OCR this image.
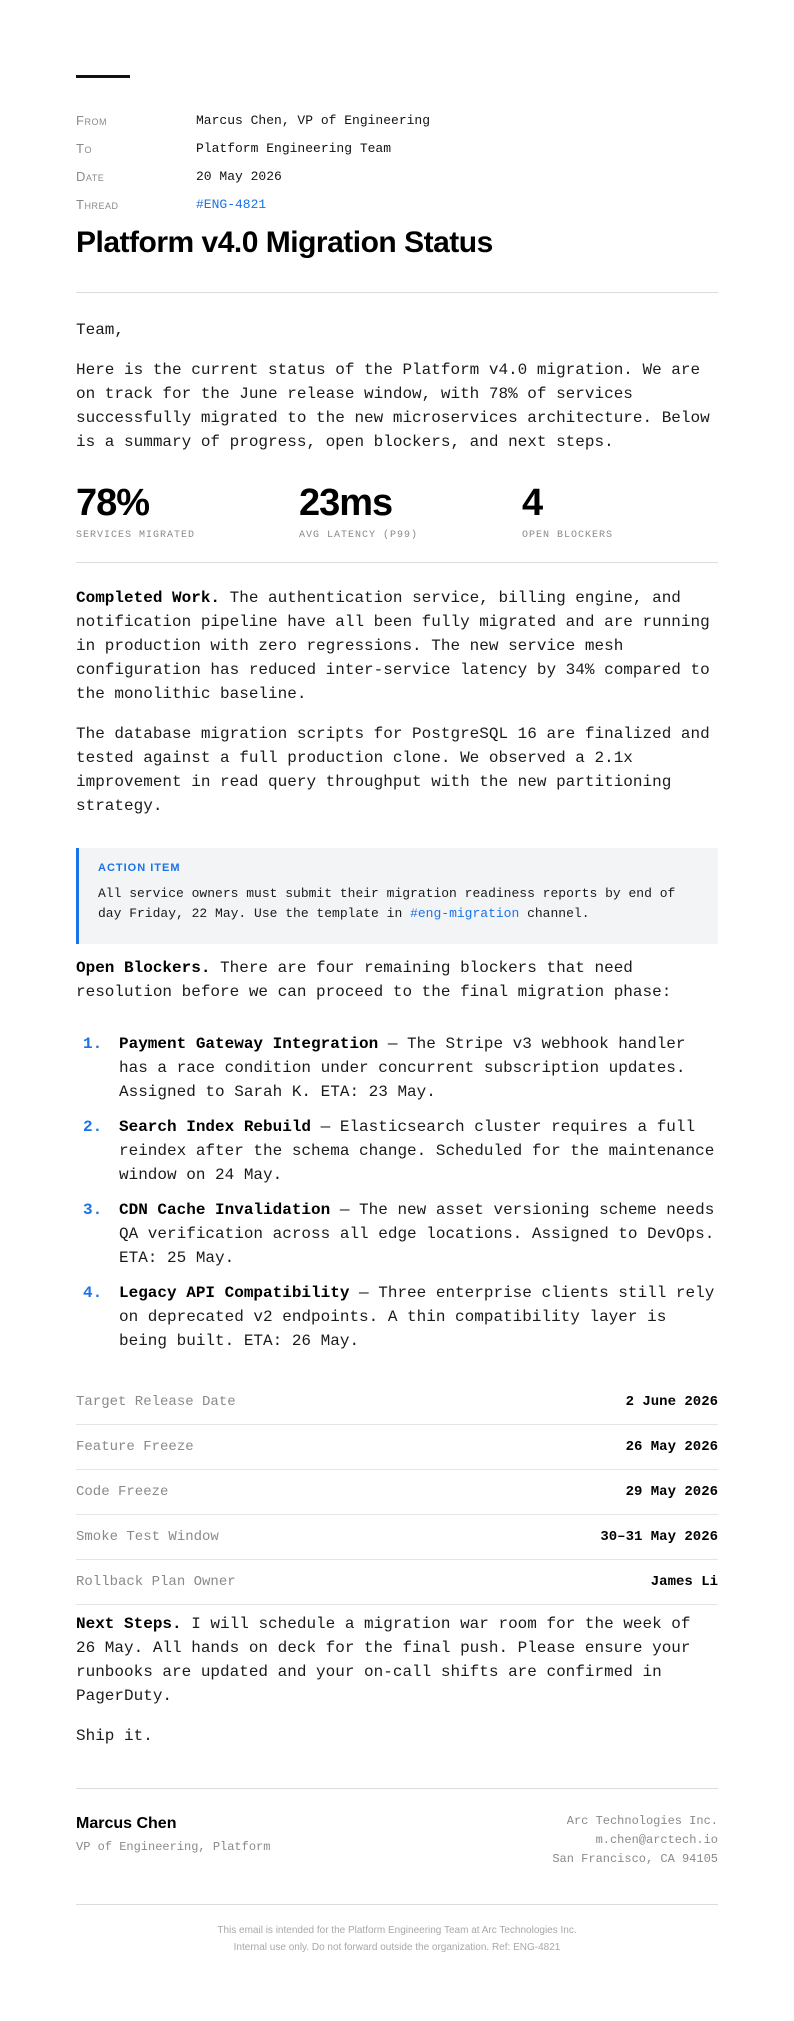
From	Marcus Chen, VP of Engineering
To	Platform Engineering Team
Date	20 May 2026
Thread	#ENG-4821
Platform v4.0 Migration Status

Team,

Here is the current status of the Platform v4.0 migration. We are on track for the June release window, with 78% of services successfully migrated to the new microservices architecture. Below is a summary of progress, open blockers, and next steps.

78%
SERVICES MIGRATED
23ms
AVG LATENCY (P99)
4
OPEN BLOCKERS

Completed Work. The authentication service, billing engine, and notification pipeline have all been fully migrated and are running in production with zero regressions. The new service mesh configuration has reduced inter-service latency by 34% compared to the monolithic baseline.

The database migration scripts for PostgreSQL 16 are finalized and tested against a full production clone. We observed a 2.1x improvement in read query throughput with the new partitioning strategy.

ACTION ITEM
All service owners must submit their migration readiness reports by end of day Friday, 22 May. Use the template in #eng-migration channel.

Open Blockers. There are four remaining blockers that need resolution before we can proceed to the final migration phase:

1. Payment Gateway Integration — The Stripe v3 webhook handler has a race condition under concurrent subscription updates. Assigned to Sarah K. ETA: 23 May.
2. Search Index Rebuild — Elasticsearch cluster requires a full reindex after the schema change. Scheduled for the maintenance window on 24 May.
3. CDN Cache Invalidation — The new asset versioning scheme needs QA verification across all edge locations. Assigned to DevOps. ETA: 25 May.
4. Legacy API Compatibility — Three enterprise clients still rely on deprecated v2 endpoints. A thin compatibility layer is being built. ETA: 26 May.
Target Release Date	2 June 2026
Feature Freeze	26 May 2026
Code Freeze	29 May 2026
Smoke Test Window	30–31 May 2026
Rollback Plan Owner	James Li

Next Steps. I will schedule a migration war room for the week of 26 May. All hands on deck for the final push. Please ensure your runbooks are updated and your on-call shifts are confirmed in PagerDuty.

Ship it.

Marcus Chen
VP of Engineering, Platform
Arc Technologies Inc.
m.chen@arctech.io
San Francisco, CA 94105
This email is intended for the Platform Engineering Team at Arc Technologies Inc.
Internal use only. Do not forward outside the organization. Ref: ENG-4821
